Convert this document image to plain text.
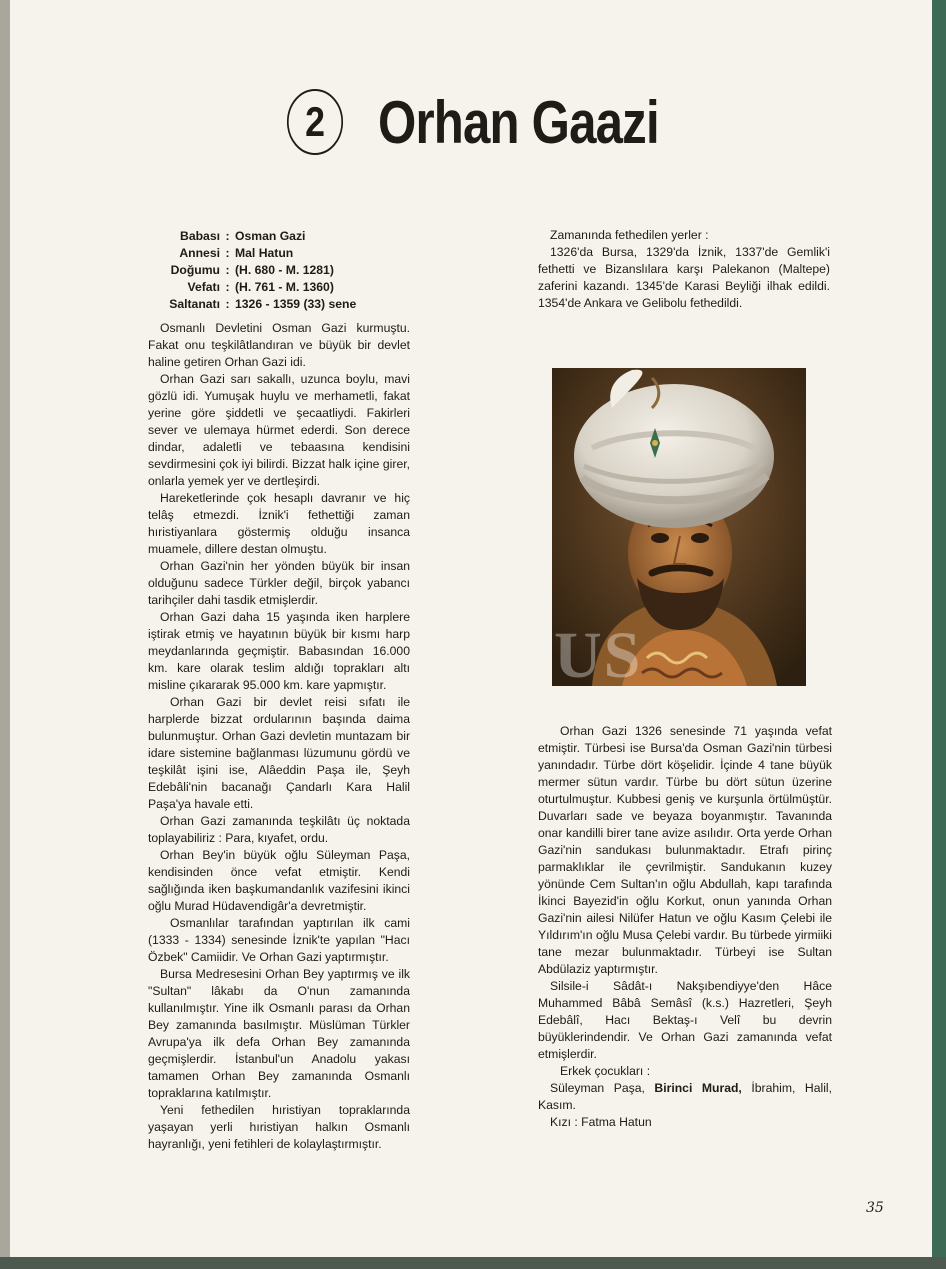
2 Orhan Gaazi
Babası : Osman Gazi
Annesi : Mal Hatun
Doğumu : (H. 680 - M. 1281)
Vefatı : (H. 761 - M. 1360)
Saltanatı : 1326 - 1359 (33) sene

Osmanlı Devletini Osman Gazi kurmuştu. Fakat onu teşkilâtlandıran ve büyük bir devlet haline getiren Orhan Gazi idi.

Orhan Gazi sarı sakallı, uzunca boylu, mavi gözlü idi. Yumuşak huylu ve merhametli, fakat yerine göre şiddetli ve şecaatliydi. Fakirleri sever ve ulemaya hürmet ederdi. Son derece dindar, adaletli ve tebaasına kendisini sevdirmesini çok iyi bilirdi. Bizzat halk içine girer, onlarla yemek yer ve dertleşirdi.

Hareketlerinde çok hesaplı davranır ve hiç telâş etmezdi. İznik'i fethettiği zaman hıristiyanlara göstermiş olduğu insanca muamele, dillere destan olmuştu.

Orhan Gazi'nin her yönden büyük bir insan olduğunu sadece Türkler değil, birçok yabancı tarihçiler dahi tasdik etmişlerdir.

Orhan Gazi daha 15 yaşında iken harplere iştirak etmiş ve hayatının büyük bir kısmı harp meydanlarında geçmiştir. Babasından 16.000 km. kare olarak teslim aldığı toprakları altı misline çıkararak 95.000 km. kare yapmıştır.

Orhan Gazi bir devlet reisi sıfatı ile harplerde bizzat ordularının başında daima bulunmuştur. Orhan Gazi devletin muntazam bir idare sistemine bağlanması lüzumunu gördü ve teşkilât işini ise, Alâeddin Paşa ile, Şeyh Edebâli'nin bacanağı Çandarlı Kara Halil Paşa'ya havale etti.

Orhan Gazi zamanında teşkilâtı üç noktada toplayabiliriz : Para, kıyafet, ordu.

Orhan Bey'in büyük oğlu Süleyman Paşa, kendisinden önce vefat etmiştir. Kendi sağlığında iken başkumandanlık vazifesini ikinci oğlu Murad Hüdavendigâr'a devretmiştir.

Osmanlılar tarafından yaptırılan ilk cami (1333 - 1334) senesinde İznik'te yapılan "Hacı Özbek" Camiidir. Ve Orhan Gazi yaptırmıştır.

Bursa Medresesini Orhan Bey yaptırmış ve ilk "Sultan" lâkabı da O'nun zamanında kullanılmıştır. Yine ilk Osmanlı parası da Orhan Bey zamanında basılmıştır. Müslüman Türkler Avrupa'ya ilk defa Orhan Bey zamanında geçmişlerdir. İstanbul'un Anadolu yakası tamamen Orhan Bey zamanında Osmanlı topraklarına katılmıştır.

Yeni fethedilen hıristiyan topraklarında yaşayan yerli hıristiyan halkın Osmanlı hayranlığı, yeni fetihleri de kolaylaştırmıştır.

Zamanında fethedilen yerler :

1326'da Bursa, 1329'da İznik, 1337'de Gemlik'i fethetti ve Bizanslılara karşı Palekanon (Maltepe) zaferini kazandı. 1345'de Karasi Beyliği ilhak edildi. 1354'de Ankara ve Gelibolu fethedildi.

US

Orhan Gazi 1326 senesinde 71 yaşında vefat etmiştir. Türbesi ise Bursa'da Osman Gazi'nin türbesi yanındadır. Türbe dört köşelidir. İçinde 4 tane büyük mermer sütun vardır. Türbe bu dört sütun üzerine oturtulmuştur. Kubbesi geniş ve kurşunla örtülmüştür. Duvarları sade ve beyaza boyanmıştır. Tavanında onar kandilli birer tane avize asılıdır. Orta yerde Orhan Gazi'nin sandukası bulunmaktadır. Etrafı pirinç parmaklıklar ile çevrilmiştir. Sandukanın kuzey yönünde Cem Sultan'ın oğlu Abdullah, kapı tarafında İkinci Bayezid'in oğlu Korkut, onun yanında Orhan Gazi'nin ailesi Nilüfer Hatun ve oğlu Kasım Çelebi ile Yıldırım'ın oğlu Musa Çelebi vardır. Bu türbede yirmiiki tane mezar bulunmaktadır. Türbeyi ise Sultan Abdülaziz yaptırmıştır.

Silsile-i Sâdât-ı Nakşıbendiyye'den Hâce Muhammed Bâbâ Semâsî (k.s.) Hazretleri, Şeyh Edebâlî, Hacı Bektaş-ı Velî bu devrin büyüklerindendir. Ve Orhan Gazi zamanında vefat etmişlerdir.

Erkek çocukları :

Süleyman Paşa, Birinci Murad, İbrahim, Halil, Kasım.

Kızı : Fatma Hatun

35
